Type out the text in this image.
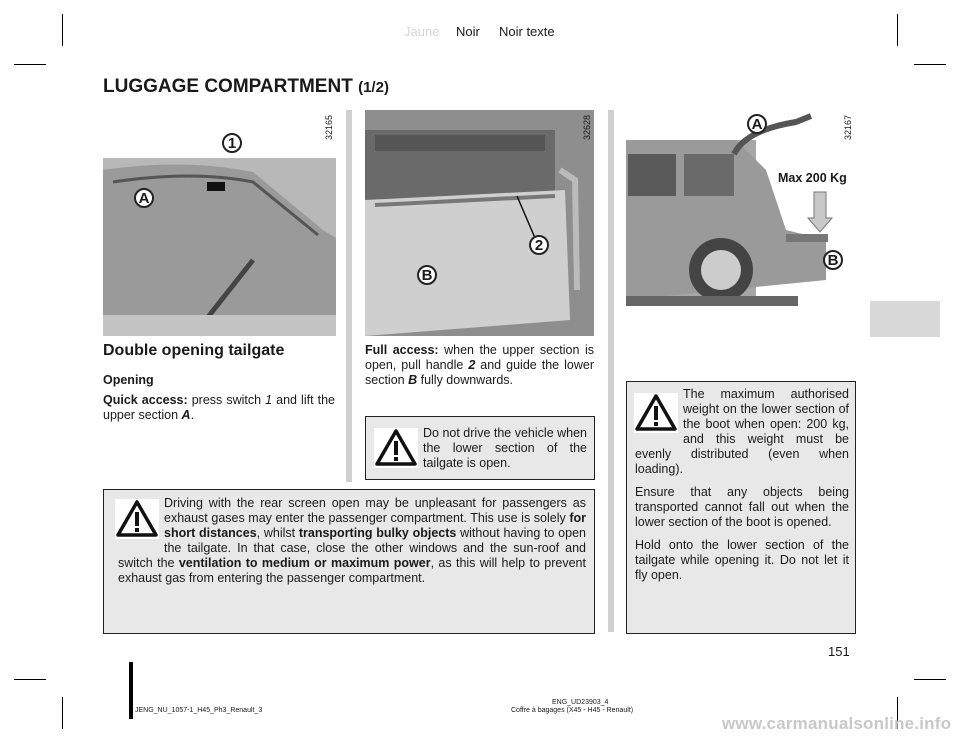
Jaune Noir Noir texte
LUGGAGE COMPARTMENT (1/2)
32165
1
A
32628
2
B
32167
A
B
Max 200 Kg
Double opening tailgate
Opening
Quick access: press switch 1 and lift the upper section A.
Full access: when the upper section is open, pull handle 2 and guide the lower section B fully downwards.

Do not drive the vehicle when the lower section of the tailgate is open.

Driving with the rear screen open may be unpleasant for passengers as exhaust gases may enter the passenger compartment. This use is solely for short distances, whilst transporting bulky objects without having to open the tailgate. In that case, close the other windows and the sun-roof and switch the ventilation to medium or maximum power, as this will help to prevent exhaust gas from entering the passenger compartment.

The maximum authorised weight on the lower section of the boot when open: 200 kg, and this weight must be evenly distributed (even when loading).

Ensure that any objects being transported cannot fall out when the lower section of the boot is opened.

Hold onto the lower section of the tailgate while opening it. Do not let it fly open.

151
JENG_NU_1057-1_H45_Ph3_Renault_3
ENG_UD23903_4
Coffre à bagages (X45 - H45 - Renault)
www.carmanualsonline.info
